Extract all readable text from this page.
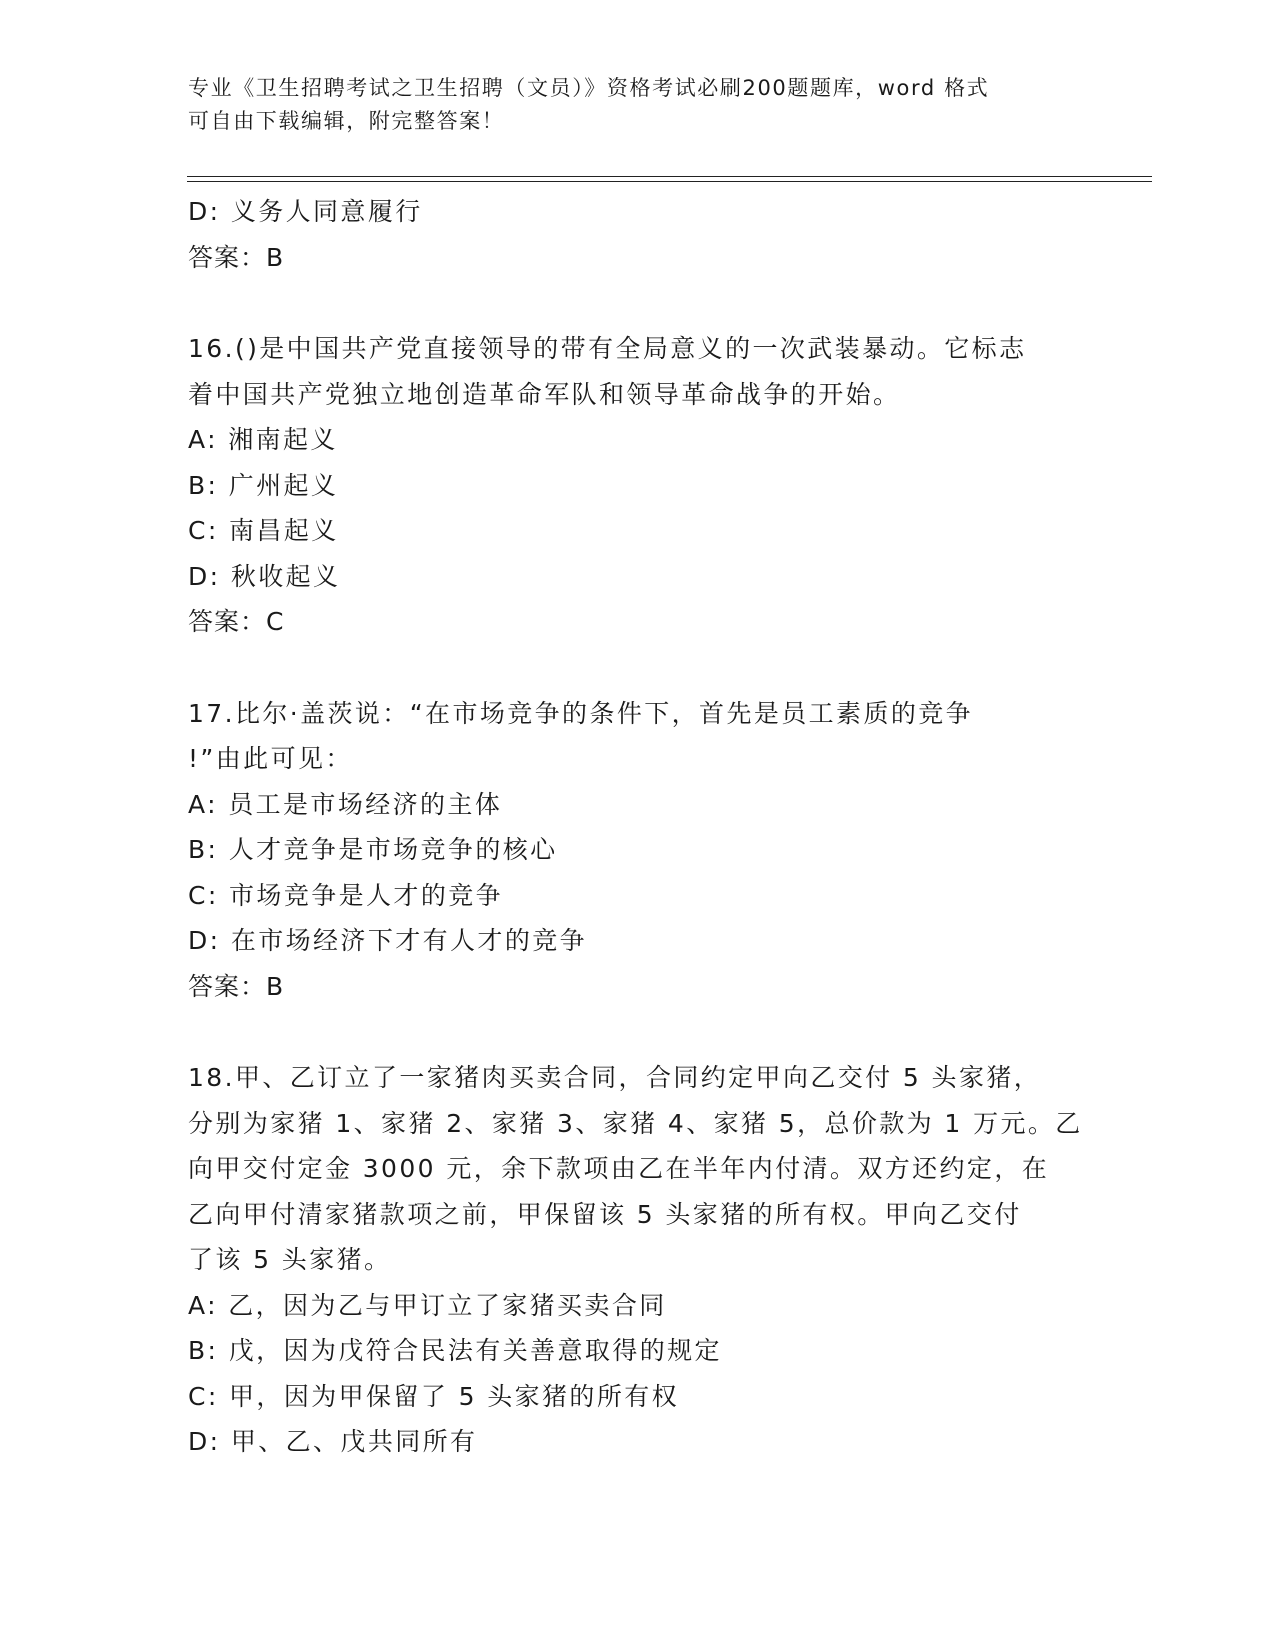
专业《卫生招聘考试之卫生招聘（文员）》资格考试必刷200题题库，word 格式
可自由下载编辑，附完整答案！
D: 义务人同意履行
答案：B
16.()是中国共产党直接领导的带有全局意义的一次武装暴动。它标志
着中国共产党独立地创造革命军队和领导革命战争的开始。
A: 湘南起义
B: 广州起义
C: 南昌起义
D: 秋收起义
答案：C
17.比尔·盖茨说：“在市场竞争的条件下，首先是员工素质的竞争
!”由此可见：
A: 员工是市场经济的主体
B: 人才竞争是市场竞争的核心
C: 市场竞争是人才的竞争
D: 在市场经济下才有人才的竞争
答案：B
18.甲、乙订立了一家猪肉买卖合同，合同约定甲向乙交付 5 头家猪，
分别为家猪 1、家猪 2、家猪 3、家猪 4、家猪 5，总价款为 1 万元。乙
向甲交付定金 3000 元，余下款项由乙在半年内付清。双方还约定，在
乙向甲付清家猪款项之前，甲保留该 5 头家猪的所有权。甲向乙交付
了该 5 头家猪。
A: 乙，因为乙与甲订立了家猪买卖合同
B: 戊，因为戊符合民法有关善意取得的规定
C: 甲，因为甲保留了 5 头家猪的所有权
D: 甲、乙、戊共同所有
